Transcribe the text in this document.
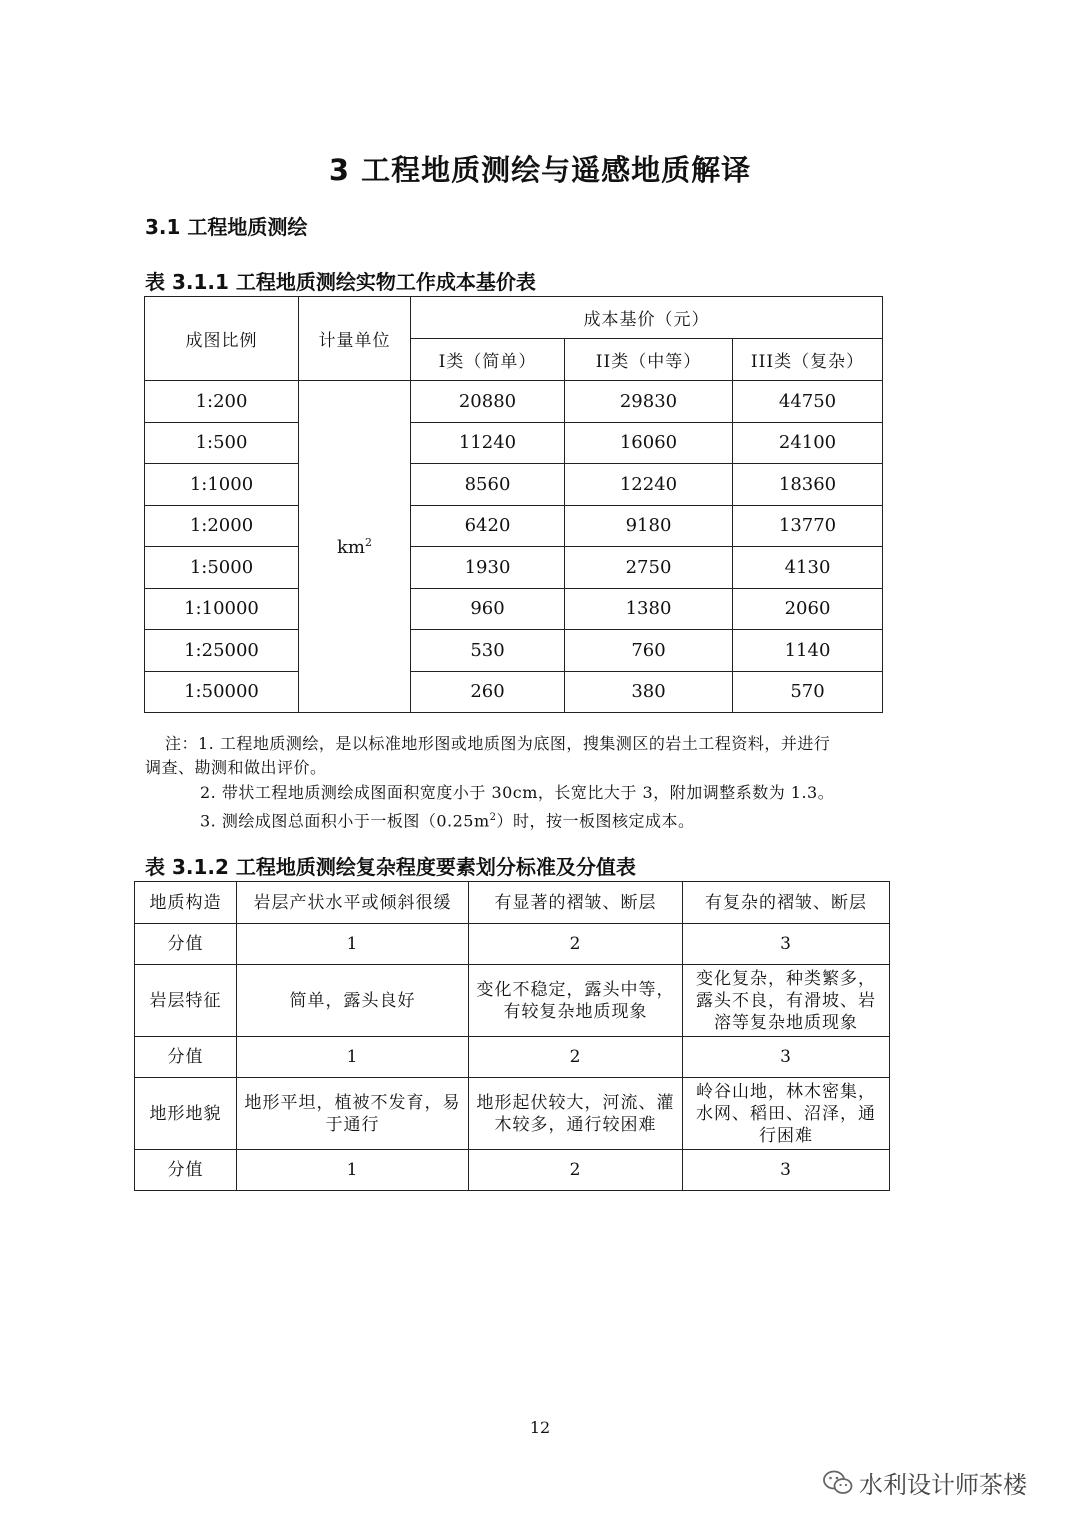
3 工程地质测绘与遥感地质解译
3.1 工程地质测绘
表 3.1.1 工程地质测绘实物工作成本基价表
成图比例	计量单位	成本基价（元）		
		I类（简单）	II类（中等）	III类（复杂）
1:200	$km^2$	20880	29830	44750
1:500		11240	16060	24100
1:1000		8560	12240	18360
1:2000		6420	9180	13770
1:5000		1930	2750	4130
1:10000		960	1380	2060
1:25000		530	760	1140
1:50000		260	380	570
注：1. 工程地质测绘，是以标准地形图或地质图为底图，搜集测区的岩土工程资料，并进行
调查、勘测和做出评价。
2. 带状工程地质测绘成图面积宽度小于 30cm，长宽比大于 3，附加调整系数为 1.3。
3. 测绘成图总面积小于一板图$(0.25m^2)$时，按一板图核定成本。
表 3.1.2 工程地质测绘复杂程度要素划分标准及分值表
地质构造	岩层产状水平或倾斜很缓	有显著的褶皱、断层	有复杂的褶皱、断层
分值	1	2	3
岩层特征	简单，露头良好	变化不稳定，露头中等，有较复杂地质现象	变化复杂，种类繁多，露头不良，有滑坡、岩溶等复杂地质现象
分值	1	2	3
地形地貌	地形平坦，植被不发育，易于通行	地形起伏较大，河流、灌木较多，通行较困难	岭谷山地，林木密集，水网、稻田、沼泽，通行困难
分值	1	2	3
12
水利设计师茶楼
